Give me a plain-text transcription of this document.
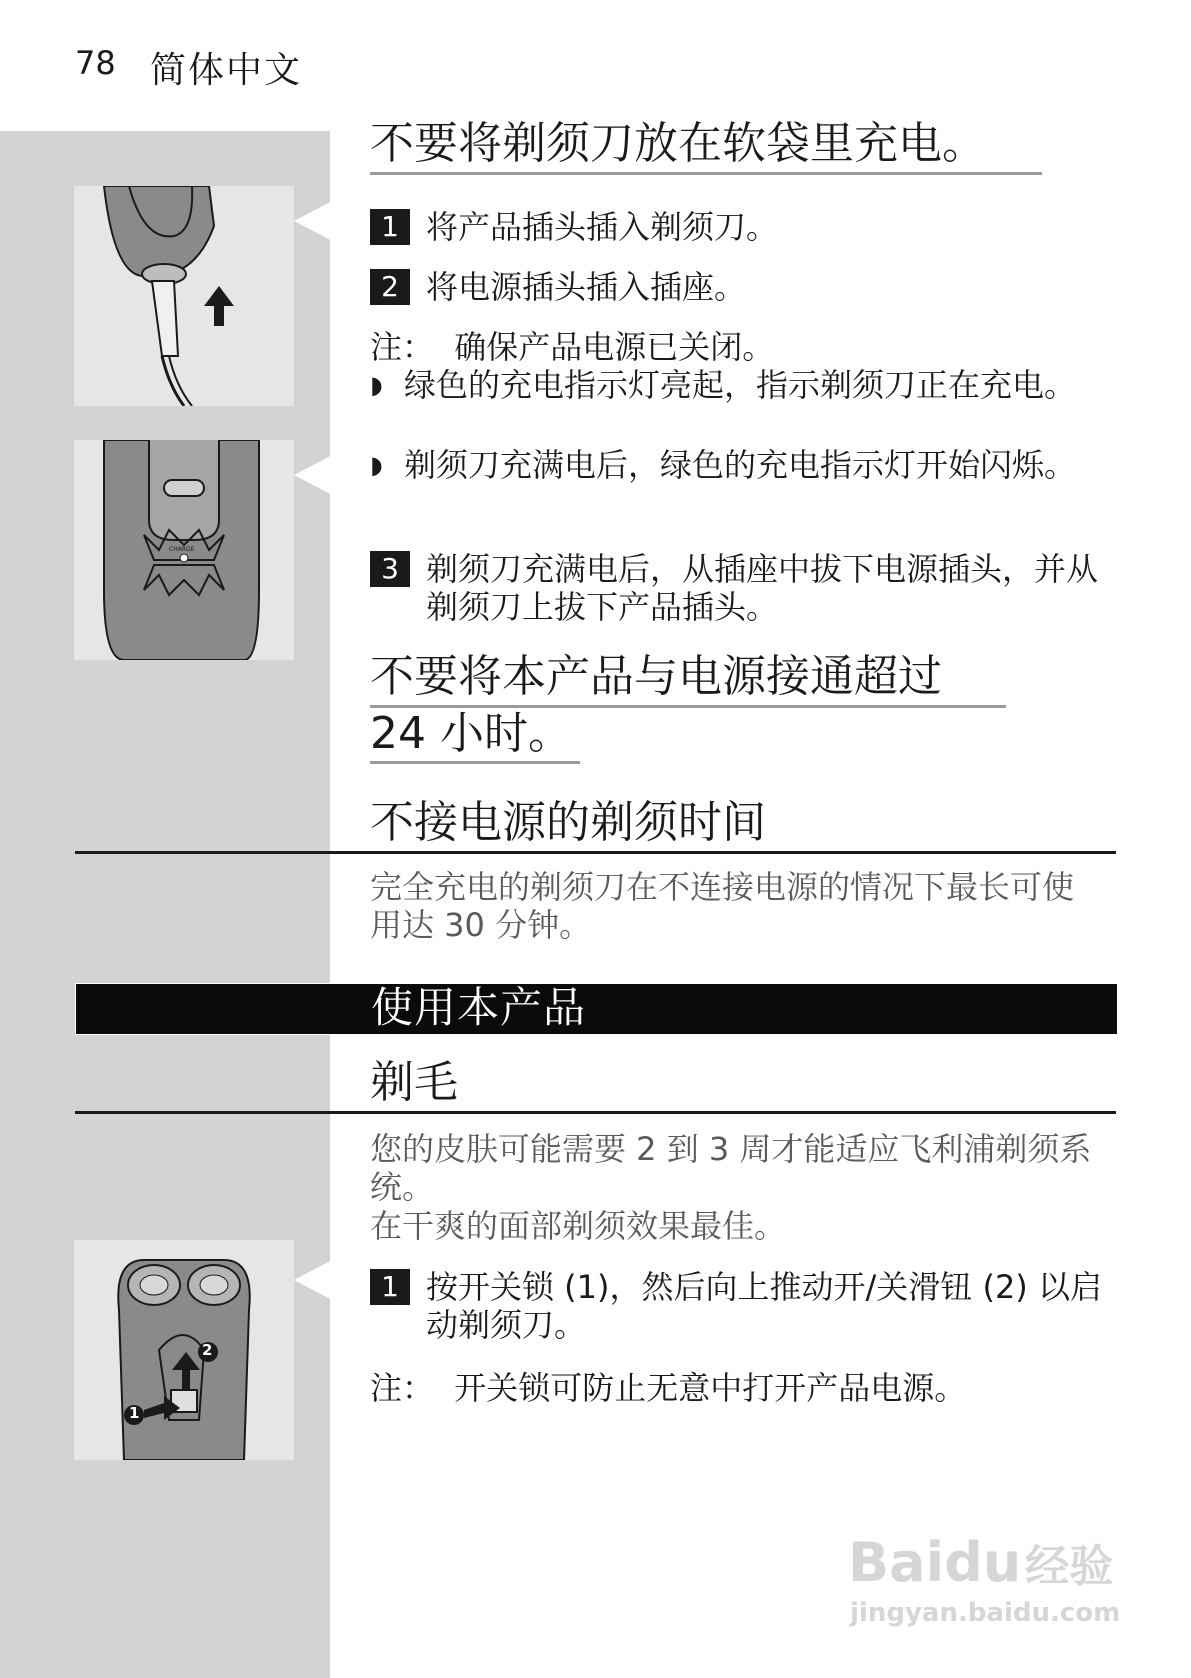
78 简体中文
CHARGE
不要将剃须刀放在软袋里充电。
1 将产品插头插入剃须刀。
2 将电源插头插入插座。
注： 确保产品电源已关闭。
◗ 绿色的充电指示灯亮起，指示剃须刀正在充电。
◗ 剃须刀充满电后，绿色的充电指示灯开始闪烁。
3 剃须刀充满电后，从插座中拔下电源插头，并从剃须刀上拔下产品插头。
不要将本产品与电源接通超过
24 小时。
不接电源的剃须时间
完全充电的剃须刀在不连接电源的情况下最长可使用达 30 分钟。
使用本产品
剃毛
您的皮肤可能需要 2 到 3 周才能适应飞利浦剃须系统。
在干爽的面部剃须效果最佳。
2
1
1 按开关锁 (1)，然后向上推动开/关滑钮 (2) 以启动剃须刀。
注： 开关锁可防止无意中打开产品电源。
Baidu经验
jingyan.baidu.com
